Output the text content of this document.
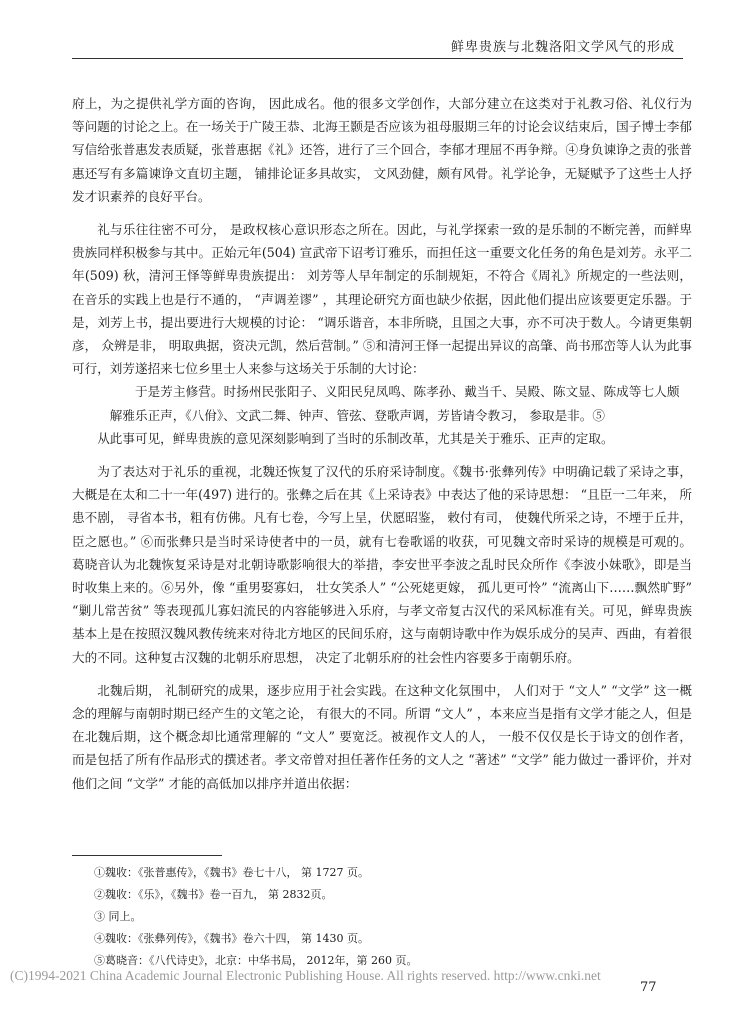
鲜卑贵族与北魏洛阳文学风气的形成

府上，为之提供礼学方面的咨询， 因此成名。他的很多文学创作，大部分建立在这类对于礼教习俗、礼仪行为等问题的讨论之上。在一场关于广陵王恭、北海王颢是否应该为祖母服期三年的讨论会议结束后，国子博士李郁写信给张普惠发表质疑，张普惠据《礼》还答，进行了三个回合，李郁才理屈不再争辩。④身负谏诤之责的张普惠还写有多篇谏诤文直切主题， 铺排论证多具故实， 文风劲健，颇有风骨。礼学论争，无疑赋予了这些士人抒发才识素养的良好平台。

礼与乐往往密不可分， 是政权核心意识形态之所在。因此，与礼学探索一致的是乐制的不断完善，而鲜卑贵族同样积极参与其中。正始元年(504) 宣武帝下诏考订雅乐，而担任这一重要文化任务的角色是刘芳。永平二年(509) 秋，清河王怿等鲜卑贵族提出： 刘芳等人早年制定的乐制规矩，不符合《周礼》所规定的一些法则，在音乐的实践上也是行不通的， “声调差谬” ，其理论研究方面也缺少依据，因此他们提出应该要更定乐器。于是，刘芳上书，提出要进行大规模的讨论： “调乐谐音，本非所晓，且国之大事，亦不可决于数人。今请更集朝彦， 众辨是非， 明取典据，资决元凯，然后营制。” ⑤和清河王怿一起提出异议的高肇、尚书邢峦等人认为此事可行，刘芳遂招来七位乡里士人来参与这场关于乐制的大讨论：

于是芳主修营。时扬州民张阳子、义阳民兒凤鸣、陈孝孙、戴当千、吴殿、陈文显、陈成等七人颇解雅乐正声，《八佾》、文武二舞、钟声、管弦、登歌声调，芳皆请令教习， 参取是非。⑤

从此事可见，鲜卑贵族的意见深刻影响到了当时的乐制改革，尤其是关于雅乐、正声的定取。

为了表达对于礼乐的重视，北魏还恢复了汉代的乐府采诗制度。《魏书·张彝列传》中明确记载了采诗之事， 大概是在太和二十一年(497) 进行的。张彝之后在其《上采诗表》中表达了他的采诗思想： “且臣一二年来， 所患不剧， 寻省本书，粗有仿佛。凡有七卷，今写上呈，伏愿昭鉴， 敕付有司， 使魏代所采之诗，不堙于丘井，臣之愿也。” ⑥而张彝只是当时采诗使者中的一员，就有七卷歌谣的收获，可见魏文帝时采诗的规模是可观的。葛晓音认为北魏恢复采诗是对北朝诗歌影响很大的举措，李安世平李波之乱时民众所作《李波小妹歌》，即是当时收集上来的。⑥另外，像 “重男娶寡妇， 壮女笑杀人” “公死姥更嫁， 孤儿更可怜” “流离山下……飘然旷野” “剿儿常苦贫” 等表现孤儿寡妇流民的内容能够进入乐府，与孝文帝复古汉代的采风标准有关。可见，鲜卑贵族基本上是在按照汉魏风教传统来对待北方地区的民间乐府，这与南朝诗歌中作为娱乐成分的吴声、西曲，有着很大的不同。这种复古汉魏的北朝乐府思想， 决定了北朝乐府的社会性内容要多于南朝乐府。

北魏后期， 礼制研究的成果，逐步应用于社会实践。在这种文化氛围中， 人们对于 “文人” “文学” 这一概念的理解与南朝时期已经产生的文笔之论， 有很大的不同。所谓 “文人” ，本来应当是指有文学才能之人，但是在北魏后期，这个概念却比通常理解的 “文人” 要宽泛。被视作文人的人， 一般不仅仅是长于诗文的创作者， 而是包括了所有作品形式的撰述者。孝文帝曾对担任著作任务的文人之 “著述” “文学” 能力做过一番评价，并对他们之间 “文学” 才能的高低加以排序并道出依据：

①魏收：《张普惠传》，《魏书》卷七十八， 第 1727 页。
②魏收：《乐》，《魏书》卷一百九， 第 2832页。
③ 同上。
④魏收：《张彝列传》，《魏书》卷六十四， 第 1430 页。
⑤葛晓音：《八代诗史》，北京：中华书局， 2012年，第 260 页。
(C)1994-2021 China Academic Journal Electronic Publishing House. All rights reserved. http://www.cnki.net
77
